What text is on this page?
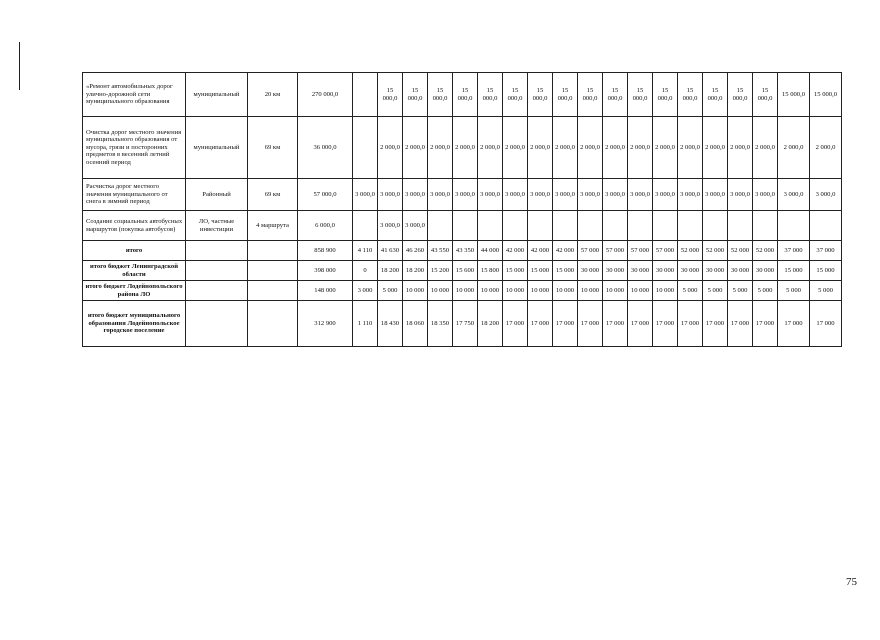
«Ремонт автомобильных дорог улично-дорожной сети муниципального образования	муниципальный	20 км	270 000,0		15 000,0	15 000,0	15 000,0	15 000,0	15 000,0	15 000,0	15 000,0	15 000,0	15 000,0	15 000,0	15 000,0	15 000,0	15 000,0	15 000,0	15 000,0	15 000,0	15 000,0	15 000,0
Очистка дорог местного значения муниципального образования от мусора, грязи и посторонних предметов в весенний летний осенний период	муниципальный	69 км	36 000,0		2 000,0	2 000,0	2 000,0	2 000,0	2 000,0	2 000,0	2 000,0	2 000,0	2 000,0	2 000,0	2 000,0	2 000,0	2 000,0	2 000,0	2 000,0	2 000,0	2 000,0	2 000,0
Расчистка дорог местного значения муниципального от снега в зимний период	Районный	69 км	57 000,0	3 000,0	3 000,0	3 000,0	3 000,0	3 000,0	3 000,0	3 000,0	3 000,0	3 000,0	3 000,0	3 000,0	3 000,0	3 000,0	3 000,0	3 000,0	3 000,0	3 000,0	3 000,0	3 000,0
Создание социальных автобусных маршрутов (покупка автобусов)	ЛО, частные инвестиции	4 маршрута	6 000,0		3 000,0	3 000,0																
итого			858 900	4 110	41 630	46 260	43 550	43 350	44 000	42 000	42 000	42 000	57 000	57 000	57 000	57 000	52 000	52 000	52 000	52 000	37 000	37 000
итого бюджет Ленинградской области			398 000	0	18 200	18 200	15 200	15 600	15 800	15 000	15 000	15 000	30 000	30 000	30 000	30 000	30 000	30 000	30 000	30 000	15 000	15 000
итого бюджет Лодейнопольского района ЛО			148 000	3 000	5 000	10 000	10 000	10 000	10 000	10 000	10 000	10 000	10 000	10 000	10 000	10 000	5 000	5 000	5 000	5 000	5 000	5 000
итого бюджет муниципального образования Лодейнопольское городское поселение			312 900	1 110	18 430	18 060	18 350	17 750	18 200	17 000	17 000	17 000	17 000	17 000	17 000	17 000	17 000	17 000	17 000	17 000	17 000	17 000
75
